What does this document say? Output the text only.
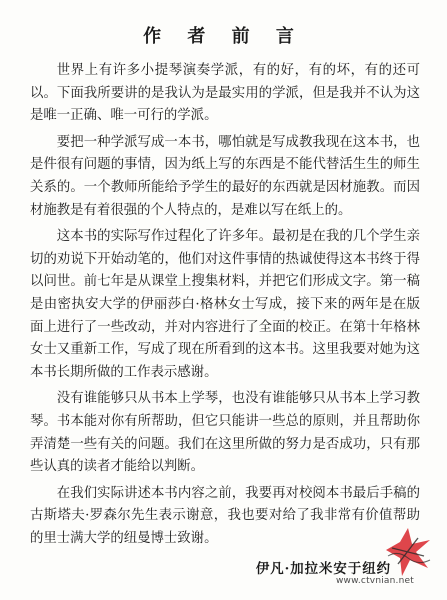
作 者 前 言

世界上有许多小提琴演奏学派，有的好，有的坏，有的还可以。下面我所要讲的是我认为是最实用的学派，但是我并不认为这是唯一正确、唯一可行的学派。

要把一种学派写成一本书，哪怕就是写成教我现在这本书，也是件很有问题的事情，因为纸上写的东西是不能代替活生生的师生关系的。一个教师所能给予学生的最好的东西就是因材施教。而因材施教是有着很强的个人特点的，是难以写在纸上的。

这本书的实际写作过程化了许多年。最初是在我的几个学生亲切的劝说下开始动笔的，他们对这件事情的热诚使得这本书终于得以问世。前七年是从课堂上搜集材料，并把它们形成文字。第一稿是由密执安大学的伊丽莎白·格林女士写成，接下来的两年是在版面上进行了一些改动，并对内容进行了全面的校正。在第十年格林女士又重新工作，写成了现在所看到的这本书。这里我要对她为这本书长期所做的工作表示感谢。

没有谁能够只从书本上学琴，也没有谁能够只从书本上学习教琴。书本能对你有所帮助，但它只能讲一些总的原则，并且帮助你弄清楚一些有关的问题。我们在这里所做的努力是否成功，只有那些认真的读者才能给以判断。

在我们实际讲述本书内容之前，我要再对校阅本书最后手稿的古斯塔夫·罗森尔先生表示谢意，我也要对给了我非常有价值帮助的里士满大学的纽曼博士致谢。

伊凡·加拉米安于纽约
www.ctvnian.net
